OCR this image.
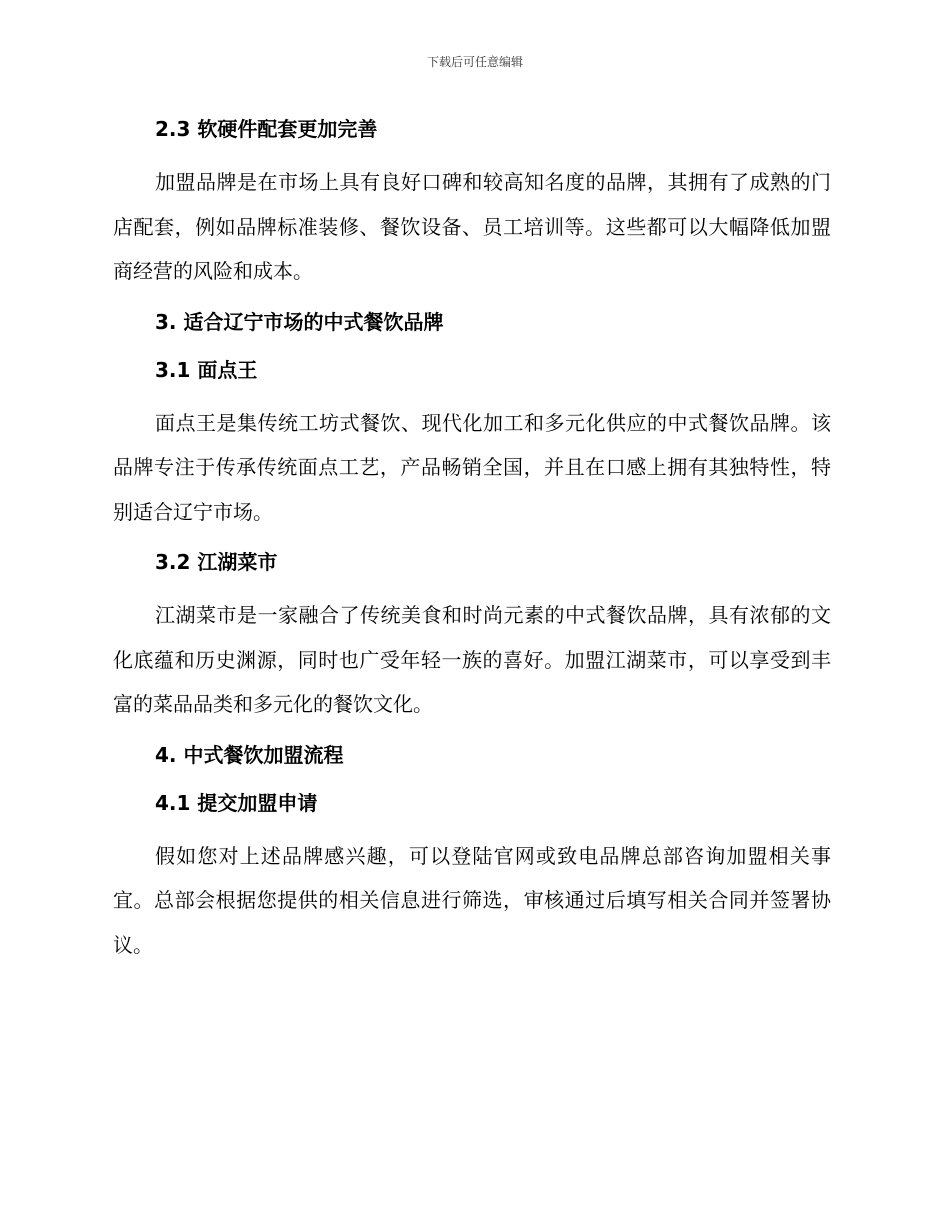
下载后可任意编辑
2.3 软硬件配套更加完善

加盟品牌是在市场上具有良好口碑和较高知名度的品牌，其拥有了成熟的门店配套，例如品牌标准装修、餐饮设备、员工培训等。这些都可以大幅降低加盟商经营的风险和成本。

3. 适合辽宁市场的中式餐饮品牌
3.1 面点王

面点王是集传统工坊式餐饮、现代化加工和多元化供应的中式餐饮品牌。该品牌专注于传承传统面点工艺，产品畅销全国，并且在口感上拥有其独特性，特别适合辽宁市场。

3.2 江湖菜市

江湖菜市是一家融合了传统美食和时尚元素的中式餐饮品牌，具有浓郁的文化底蕴和历史渊源，同时也广受年轻一族的喜好。加盟江湖菜市，可以享受到丰富的菜品品类和多元化的餐饮文化。

4. 中式餐饮加盟流程
4.1 提交加盟申请

假如您对上述品牌感兴趣，可以登陆官网或致电品牌总部咨询加盟相关事宜。总部会根据您提供的相关信息进行筛选，审核通过后填写相关合同并签署协议。
